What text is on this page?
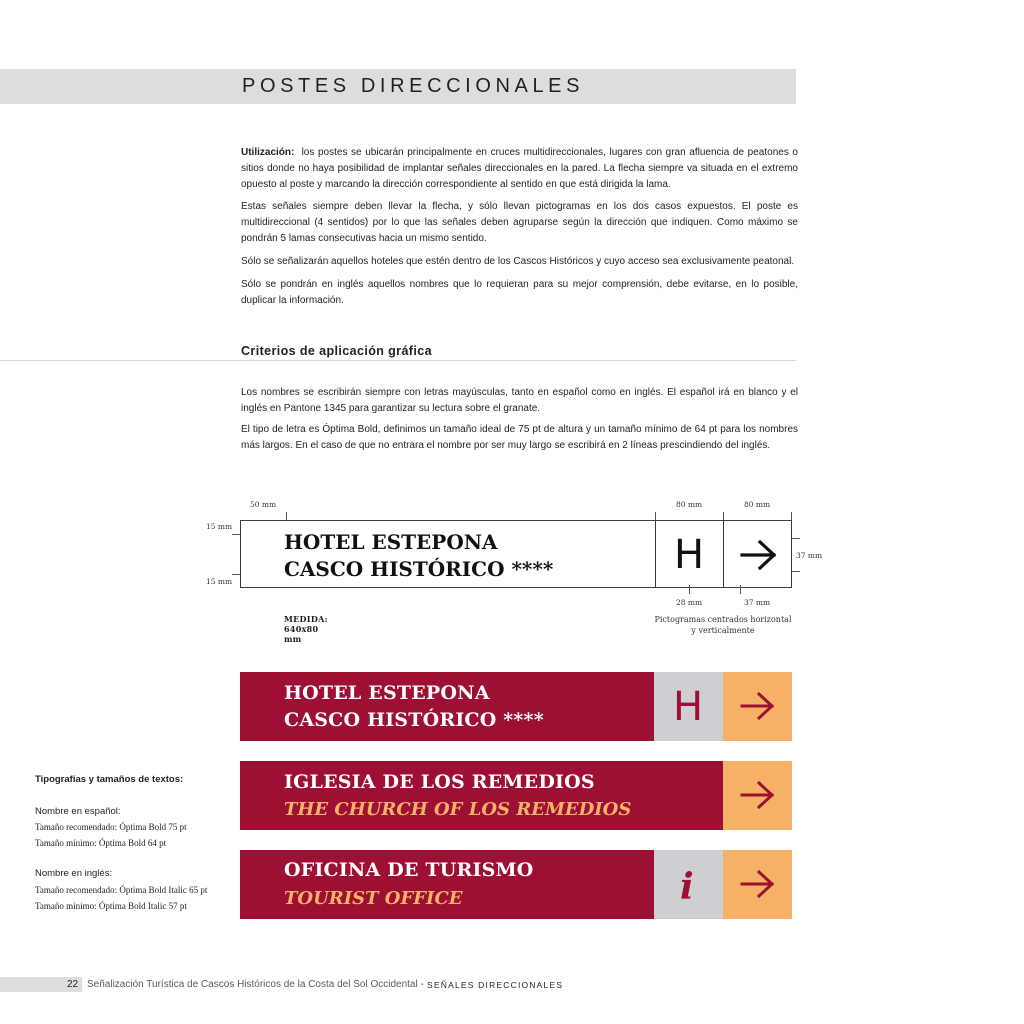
POSTES DIRECCIONALES
Utilización: los postes se ubicarán principalmente en cruces multidireccionales, lugares con gran afluencia de peatones o sitios donde no haya posibilidad de implantar señales direccionales en la pared. La flecha siempre va situada en el extremo opuesto al poste y marcando la dirección correspondiente al sentido en que está dirigida la lama.
Estas señales siempre deben llevar la flecha, y sólo llevan pictogramas en los dos casos expuestos. El poste es multidireccional (4 sentidos) por lo que las señales deben agruparse según la dirección que indiquen. Como máximo se pondrán 5 lamas consecutivas hacia un mismo sentido.
Sólo se señalizarán aquellos hoteles que estén dentro de los Cascos Históricos y cuyo acceso sea exclusivamente peatonal.
Sólo se pondrán en inglés aquellos nombres que lo requieran para su mejor comprensión, debe evitarse, en lo posible, duplicar la información.
Criterios de aplicación gráfica
Los nombres se escribirán siempre con letras mayúsculas, tanto en español como en inglés. El español irá en blanco y el inglés en Pantone 1345 para garantizar su lectura sobre el granate.
El tipo de letra es Óptima Bold, definimos un tamaño ideal de 75 pt de altura y un tamaño mínimo de 64 pt para los nombres más largos. En el caso de que no entrara el nombre por ser muy largo se escribirá en 2 líneas prescindiendo del inglés.
50 mm	80 mm	80 mm
15 mm
15 mm
HOTEL ESTEPONA
CASCO HISTÓRICO ****	H	37 mm
28 mm	37 mm
MEDIDA: 640x80 mm
Pictogramas centrados horizontal y verticalmente
HOTEL ESTEPONA
CASCO HISTÓRICO ****	H
IGLESIA DE LOS REMEDIOS
THE CHURCH OF LOS REMEDIOS
OFICINA DE TURISMO
TOURIST OFFICE	i
Tipografías y tamaños de textos:
Nombre en español:
Tamaño recomendado: Óptima Bold 75 pt
Tamaño mínimo: Óptima Bold 64 pt
Nombre en inglés:
Tamaño recomendado: Óptima Bold Italic 65 pt
Tamaño mínimo: Óptima Bold Italic 57 pt
22 Señalización Turística de Cascos Históricos de la Costa del Sol Occidental - SEÑALES DIRECCIONALES
